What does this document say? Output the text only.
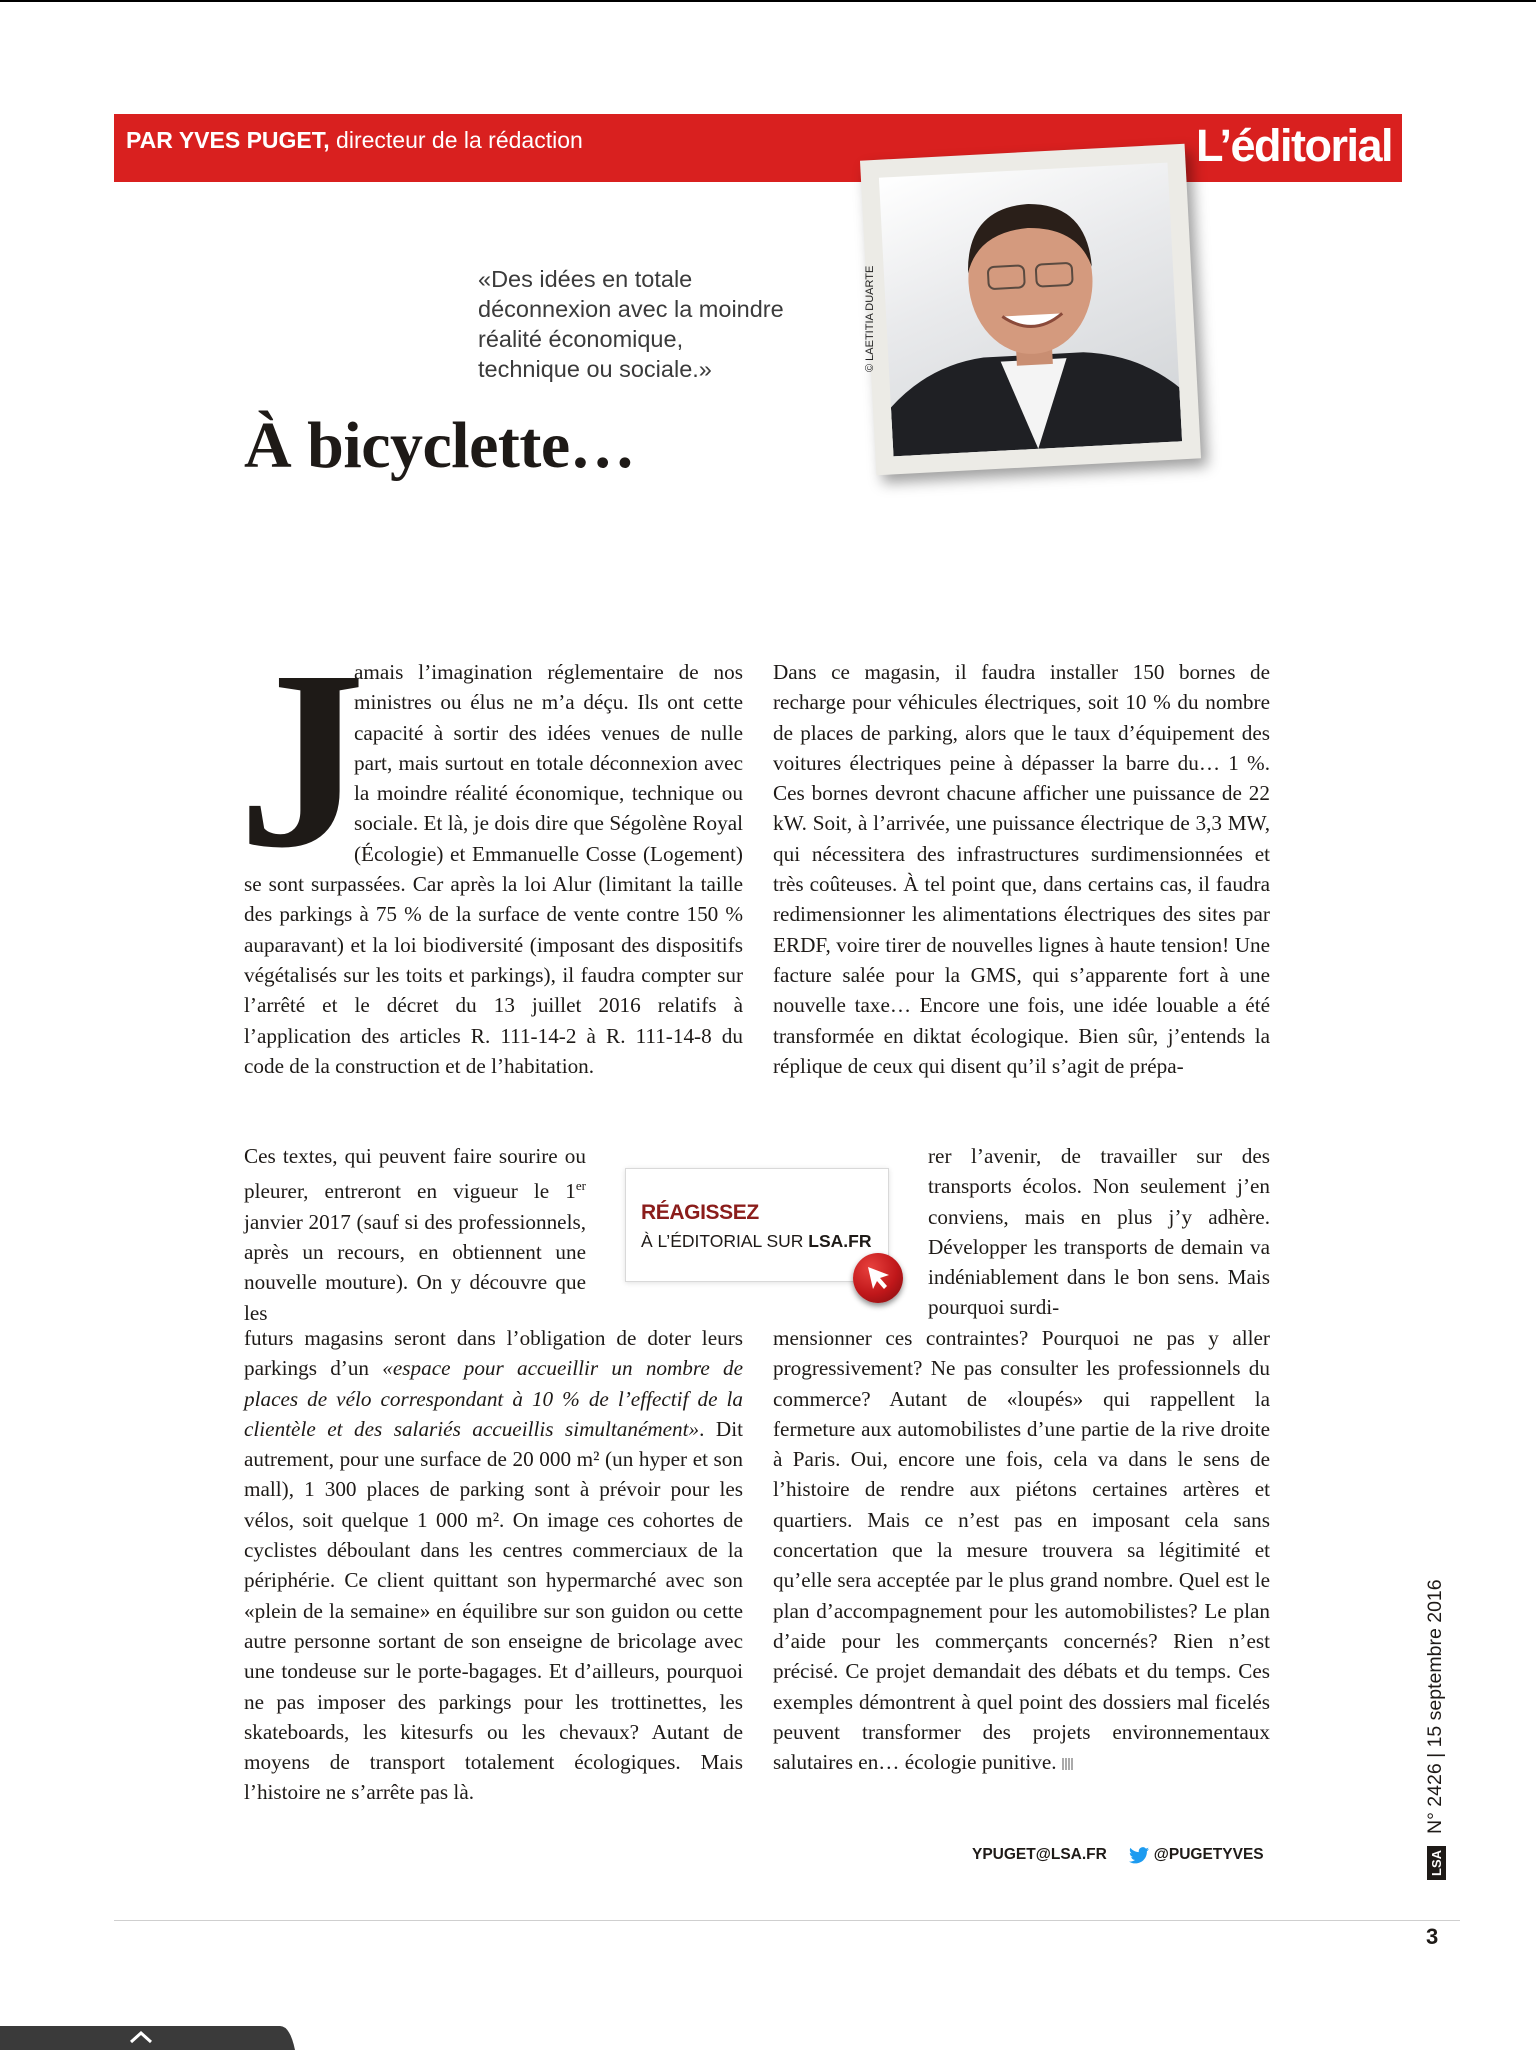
PAR YVES PUGET, directeur de la rédaction	L’éditorial
© LAETITIA DUARTE
«Des idées en totale
déconnexion avec la moindre
réalité économique,
technique ou sociale.»
À bicyclette…
J
amais l’imagination réglementaire de nos ministres ou élus ne m’a déçu. Ils ont cette capacité à sortir des idées venues de nulle part, mais surtout en totale déconnexion avec la moindre réalité économique, technique ou sociale. Et là, je dois dire que Ségolène Royal (Écologie) et Emmanuelle Cosse (Logement) se sont surpassées. Car après la loi Alur (limitant la taille des parkings à 75 % de la surface de vente contre 150 % auparavant) et la loi biodiversité (imposant des dispositifs végétalisés sur les toits et parkings), il faudra compter sur l’arrêté et le décret du 13 juillet 2016 relatifs à l’application des articles R. 111-14-2 à R. 111-14-8 du code de la construction et de l’habitation.
Ces textes, qui peuvent faire sourire ou pleurer, entreront en vigueur le 1er janvier 2017 (sauf si des professionnels, après un recours, en obtiennent une nouvelle mouture). On y découvre que les
futurs magasins seront dans l’obligation de doter leurs parkings d’un «espace pour accueillir un nombre de places de vélo correspondant à 10 % de l’effectif de la clientèle et des salariés accueillis simultanément». Dit autrement, pour une surface de 20 000 m² (un hyper et son mall), 1 300 places de parking sont à prévoir pour les vélos, soit quelque 1 000 m². On image ces cohortes de cyclistes déboulant dans les centres commerciaux de la périphérie. Ce client quittant son hypermarché avec son «plein de la semaine» en équilibre sur son guidon ou cette autre personne sortant de son enseigne de bricolage avec une tondeuse sur le porte-bagages. Et d’ailleurs, pourquoi ne pas imposer des parkings pour les trottinettes, les skateboards, les kitesurfs ou les chevaux? Autant de moyens de transport totalement écologiques. Mais l’histoire ne s’arrête pas là.
Dans ce magasin, il faudra installer 150 bornes de recharge pour véhicules électriques, soit 10 % du nombre de places de parking, alors que le taux d’équipement des voitures électriques peine à dépasser la barre du… 1 %. Ces bornes devront chacune afficher une puissance de 22 kW. Soit, à l’arrivée, une puissance électrique de 3,3 MW, qui nécessitera des infrastructures surdimensionnées et très coûteuses. À tel point que, dans certains cas, il faudra redimensionner les alimentations électriques des sites par ERDF, voire tirer de nouvelles lignes à haute tension! Une facture salée pour la GMS, qui s’apparente fort à une nouvelle taxe… Encore une fois, une idée louable a été transformée en diktat écologique. Bien sûr, j’entends la réplique de ceux qui disent qu’il s’agit de prépa-
rer l’avenir, de travailler sur des transports écolos. Non seulement j’en conviens, mais en plus j’y adhère. Développer les transports de demain va indéniablement dans le bon sens. Mais pourquoi surdi-
mensionner ces contraintes? Pourquoi ne pas y aller progressivement? Ne pas consulter les professionnels du commerce? Autant de «loupés» qui rappellent la fermeture aux automobilistes d’une partie de la rive droite à Paris. Oui, encore une fois, cela va dans le sens de l’histoire de rendre aux piétons certaines artères et quartiers. Mais ce n’est pas en imposant cela sans concertation que la mesure trouvera sa légitimité et qu’elle sera acceptée par le plus grand nombre. Quel est le plan d’accompagnement pour les automobilistes? Le plan d’aide pour les commerçants concernés? Rien n’est précisé. Ce projet demandait des débats et du temps. Ces exemples démontrent à quel point des dossiers mal ficelés peuvent transformer des projets environnementaux salutaires en… écologie punitive.
RÉAGISSEZ
À L’ÉDITORIAL SUR LSA.FR
YPUGET@LSA.FR	@PUGETYVES	LSAN° 2426 | 15 septembre 2016
3
